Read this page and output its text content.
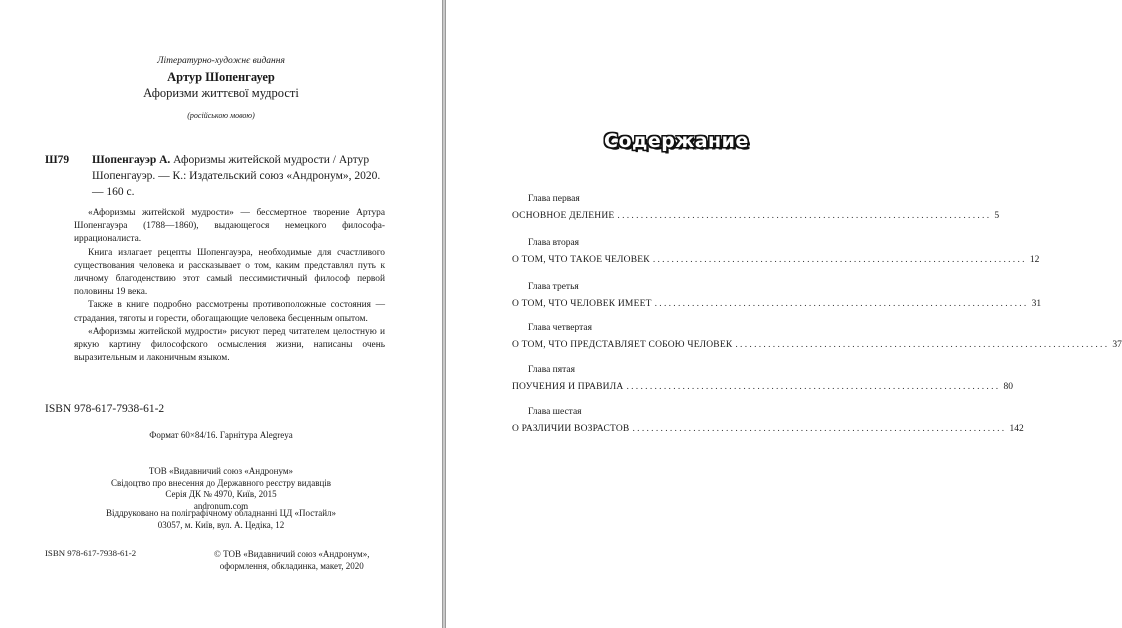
Літературно-художнє видання
Артур Шопенгауер
Афоризми життєвої мудрості
(російською мовою)
Ш79 Шопенгауэр А. Афоризмы житейской мудрости / Артур Шопенгауэр. — К.: Издательский союз «Андронум», 2020. — 160 с.

«Афоризмы житейской мудрости» — бессмертное творение Артура Шопенгауэра (1788—1860), выдающегося немецкого философа-иррационалиста.

Книга излагает рецепты Шопенгауэра, необходимые для счастливого существования человека и рассказывает о том, каким представлял путь к личному благоденствию этот самый пессимистичный философ первой половины 19 века.

Также в книге подробно рассмотрены противоположные состояния — страдания, тяготы и горести, обогащающие человека бесценным опытом.

«Афоризмы житейской мудрости» рисуют перед читателем целостную и яркую картину философского осмысления жизни, написаны очень выразительным и лаконичным языком.

ISBN 978-617-7938-61-2
Формат 60×84/16. Гарнітура Alegreya
ТОВ «Видавничий союз «Андронум»
Свідоцтво про внесення до Державного реєстру видавців
Серія ДК № 4970, Київ, 2015
andronum.com
Віддруковано на поліграфічному обладнанні ЦД «Постайл»
03057, м. Київ, вул. А. Цедіка, 12
ISBN 978-617-7938-61-2	© ТОВ «Видавничий союз «Андронум»,
оформлення, обкладинка, макет, 2020
Содержание
Глава первая
ОСНОВНОЕ ДЕЛЕНИЕ ................................................................................ 5
Глава вторая
О ТОМ, ЧТО ТАКОЕ ЧЕЛОВЕК ................................................................................ 12
Глава третья
О ТОМ, ЧТО ЧЕЛОВЕК ИМЕЕТ ................................................................................ 31
Глава четвертая
О ТОМ, ЧТО ПРЕДСТАВЛЯЕТ СОБОЮ ЧЕЛОВЕК ................................................................................ 37
Глава пятая
ПОУЧЕНИЯ И ПРАВИЛА ................................................................................ 80
Глава шестая
О РАЗЛИЧИИ ВОЗРАСТОВ ................................................................................ 142
